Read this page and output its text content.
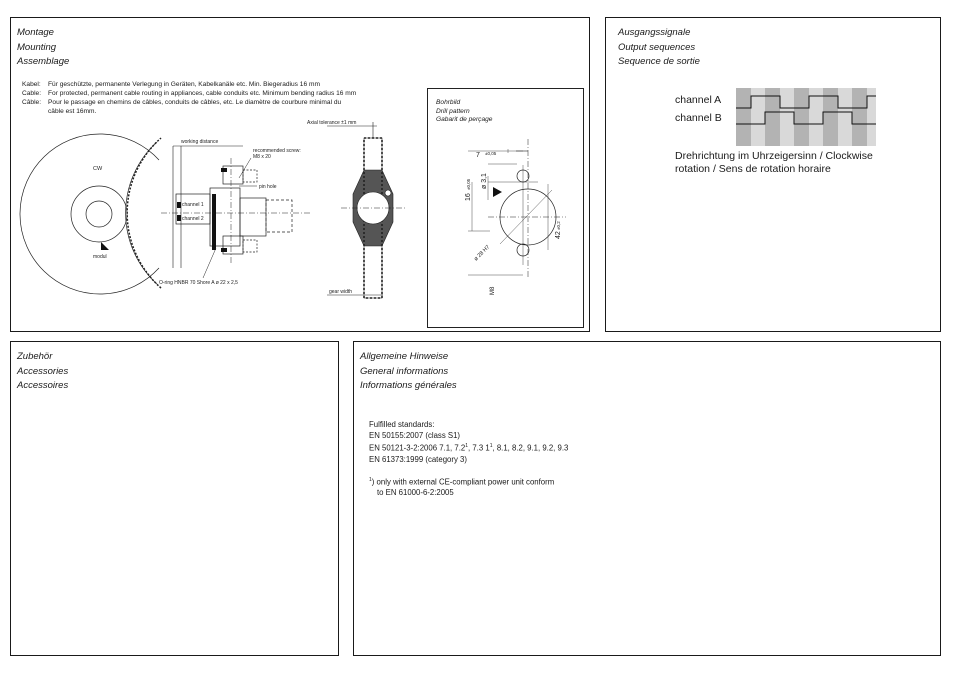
Montage
Mounting
Assemblage
Kabel: Für geschützte, permanente Verlegung in Geräten, Kabelkanäle etc. Min. Biegeradius 16 mm
Cable: For protected, permanent cable routing in appliances, cable conduits etc. Minimum bending radius 16 mm
Câble: Pour le passage en chemins de câbles, conduits de câbles, etc. Le diamètre de courbure minimal du
câble est 16mm.
CW
modul
working distance
channel 1
channel 2
recommended screw:
M8 x 20
pin hole
O-ring HNBR 70 Shore A ø 22 x 2,5
Axial tolerance ±1 mm
gear width
Bohrbild
Drill pattern
Gabarit de perçage
7 ±0,05
16
±0,05 ø 3,1
42
±0,2
ø 28 H7
M8
Ausgangssignale
Output sequences
Sequence de sortie
channel A
channel B
Drehrichtung im Uhrzeigersinn / Clockwise
rotation / Sens de rotation horaire
Zubehör
Accessories
Accessoires
Allgemeine Hinweise
General informations
Informations générales
Fulfilled standards:
EN 50155:2007 (class S1)
EN 50121-3-2:2006 7.1, $7.2^1$, 7.3 $1^1$, 8.1, 8.2, 9.1, 9.2, 9.3
EN 61373:1999 (category 3)
$^1$) only with external CE-compliant power unit conform
to EN 61000-6-2:2005
